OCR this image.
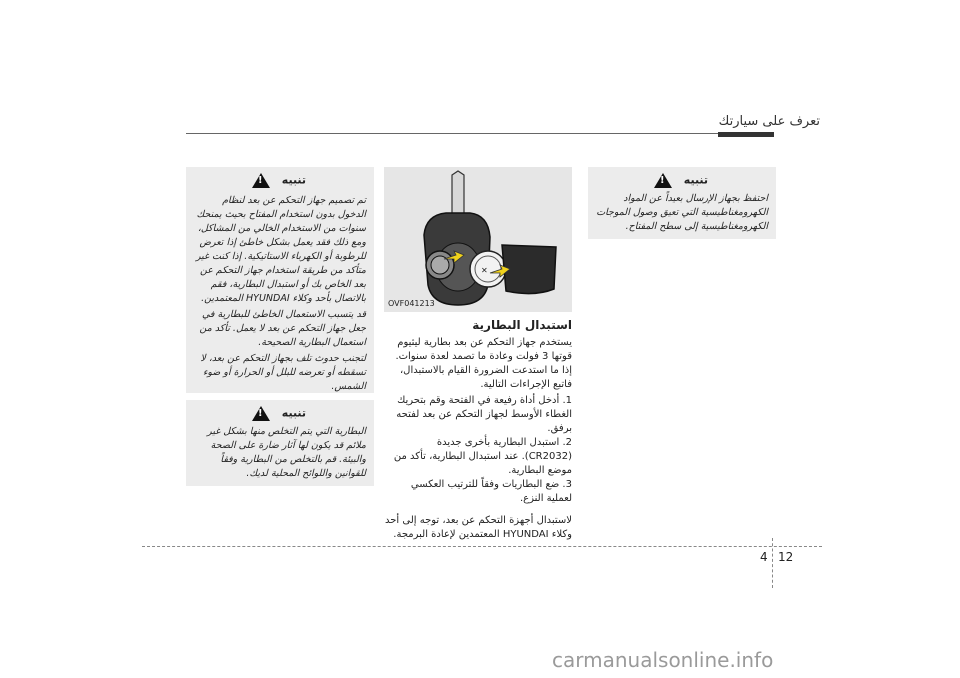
تعرف على سيارتك
تنبيه !
تم تصميم جهاز التحكم عن بعد لنظام الدخول بدون استخدام المفتاح بحيث يمنحك سنوات من الاستخدام الخالي من المشاكل، ومع ذلك فقد يعمل بشكل خاطئ إذا تعرض للرطوبة أو الكهرباء الاستاتيكية. إذا كنت غير متأكد من طريقة استخدام جهاز التحكم عن بعد الخاص بك أو استبدال البطارية، فقم بالاتصال بأحد وكلاء HYUNDAI المعتمدين.
قد يتسبب الاستعمال الخاطئ للبطارية في جعل جهاز التحكم عن بعد لا يعمل. تأكد من استعمال البطارية الصحيحة.
لتجنب حدوث تلف بجهاز التحكم عن بعد، لا تسقطه أو تعرضه للبلل أو الحرارة أو ضوء الشمس.
تنبيه !
البطارية التي يتم التخلص منها بشكل غير ملائم قد يكون لها آثار ضارة على الصحة والبيئة. قم بالتخلص من البطارية وفقاً للقوانين واللوائح المحلية لديك.
✕
OVF041213
استبدال البطارية
يستخدم جهاز التحكم عن بعد بطارية ليثيوم قوتها 3 فولت وعادة ما تصمد لعدة سنوات. إذا ما استدعت الضرورة القيام بالاستبدال، فاتبع الإجراءات التالية.
1. أدخل أداة رفيعة في الفتحة وقم بتحريك الغطاء الأوسط لجهاز التحكم عن بعد لفتحه برفق.
2. استبدل البطارية بأخرى جديدة (CR2032). عند استبدال البطارية، تأكد من موضع البطارية.
3. ضع البطاريات وفقاً للترتيب العكسي لعملية النزع.
لاستبدال أجهزة التحكم عن بعد، توجه إلى أحد وكلاء HYUNDAI المعتمدين لإعادة البرمجة.
تنبيه !
احتفظ بجهاز الإرسال بعيداً عن المواد الكهرومغناطيسية التي تعيق وصول الموجات الكهرومغناطيسية إلى سطح المفتاح.
4 12
carmanualsonline.info
